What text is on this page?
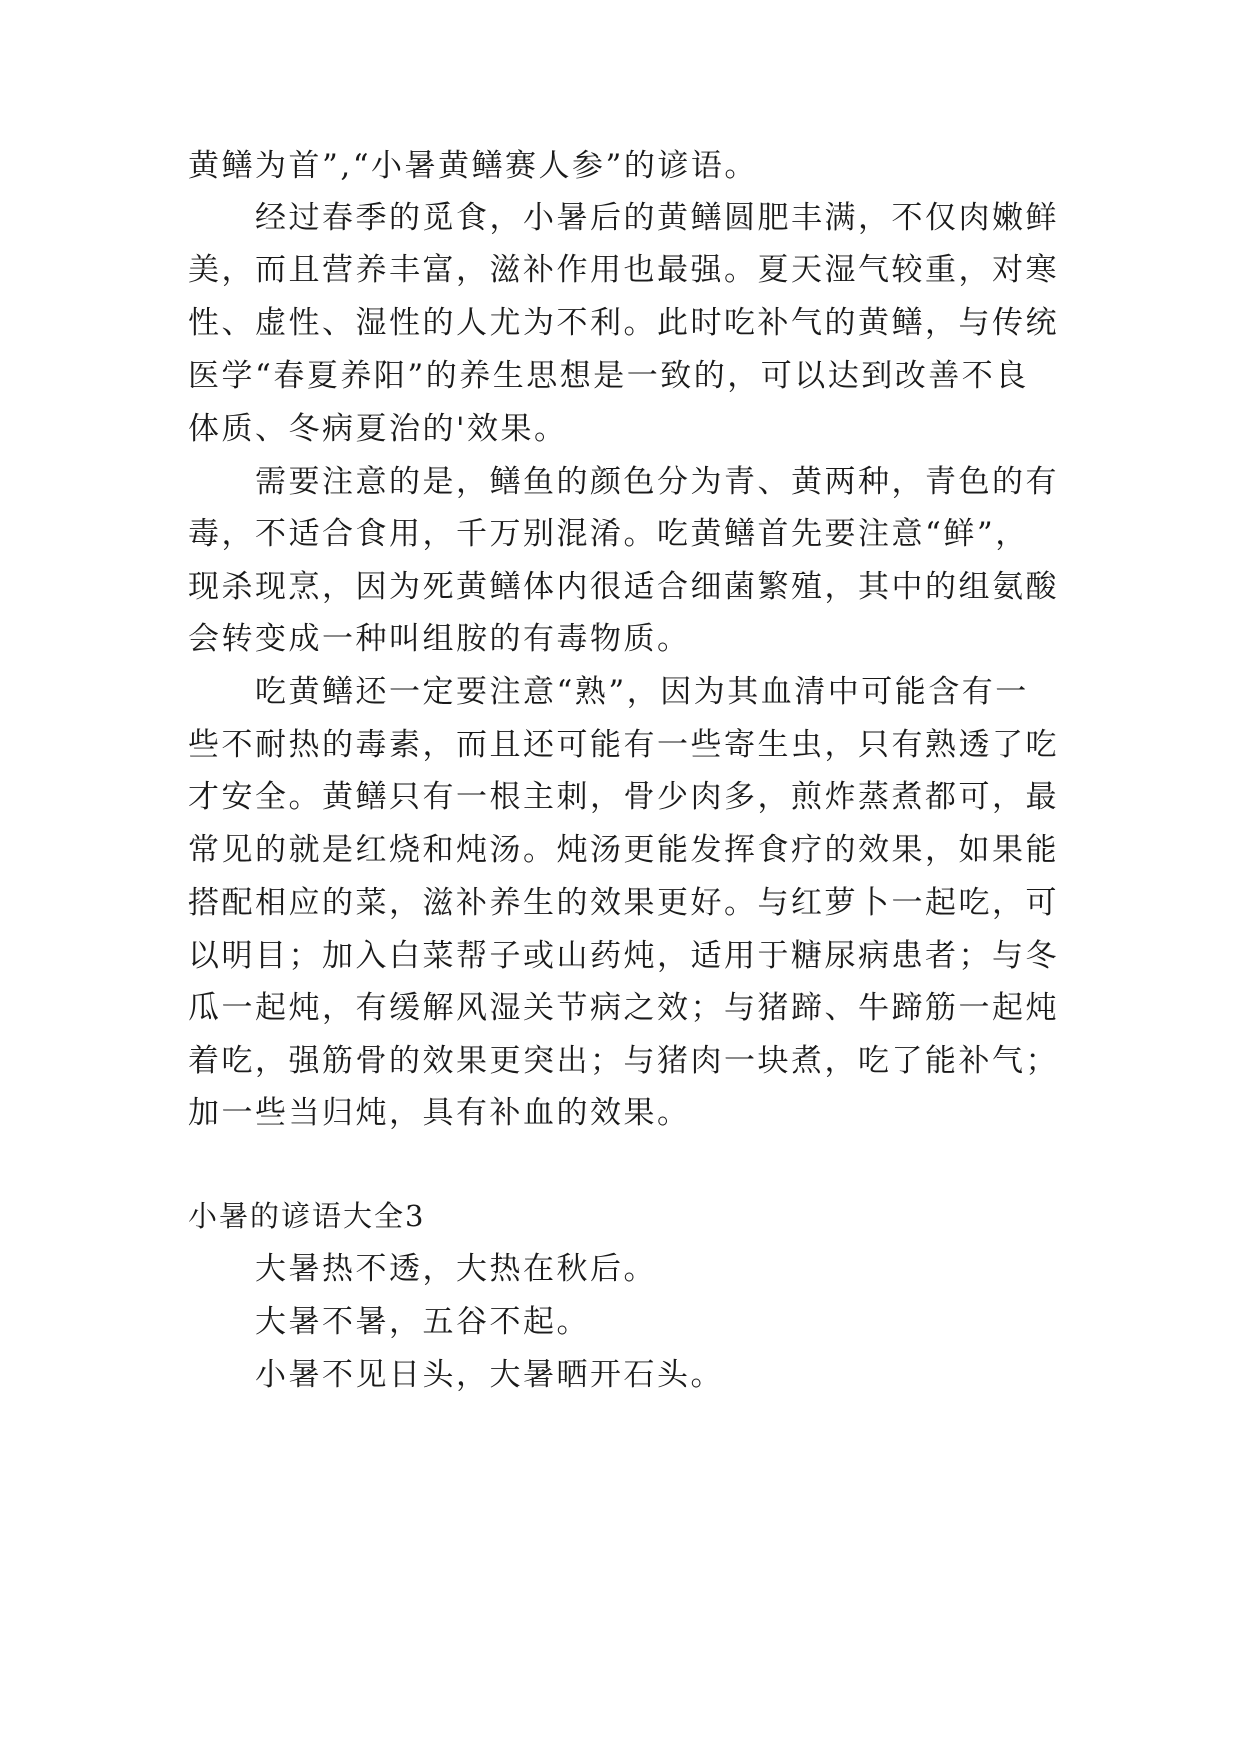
黄鳝为首”,“小暑黄鳝赛人参”的谚语。
经过春季的觅食，小暑后的黄鳝圆肥丰满，不仅肉嫩鲜
美，而且营养丰富，滋补作用也最强。夏天湿气较重，对寒
性、虚性、湿性的人尤为不利。此时吃补气的黄鳝，与传统
医学“春夏养阳”的养生思想是一致的，可以达到改善不良
体质、冬病夏治的'效果。
需要注意的是，鳝鱼的颜色分为青、黄两种，青色的有
毒，不适合食用，千万别混淆。吃黄鳝首先要注意“鲜”，
现杀现烹，因为死黄鳝体内很适合细菌繁殖，其中的组氨酸
会转变成一种叫组胺的有毒物质。
吃黄鳝还一定要注意“熟”，因为其血清中可能含有一
些不耐热的毒素，而且还可能有一些寄生虫，只有熟透了吃
才安全。黄鳝只有一根主刺，骨少肉多，煎炸蒸煮都可，最
常见的就是红烧和炖汤。炖汤更能发挥食疗的效果，如果能
搭配相应的菜，滋补养生的效果更好。与红萝卜一起吃，可
以明目；加入白菜帮子或山药炖，适用于糖尿病患者；与冬
瓜一起炖，有缓解风湿关节病之效；与猪蹄、牛蹄筋一起炖
着吃，强筋骨的效果更突出；与猪肉一块煮，吃了能补气；
加一些当归炖，具有补血的效果。
小暑的谚语大全3
大暑热不透，大热在秋后。
大暑不暑，五谷不起。
小暑不见日头，大暑晒开石头。
